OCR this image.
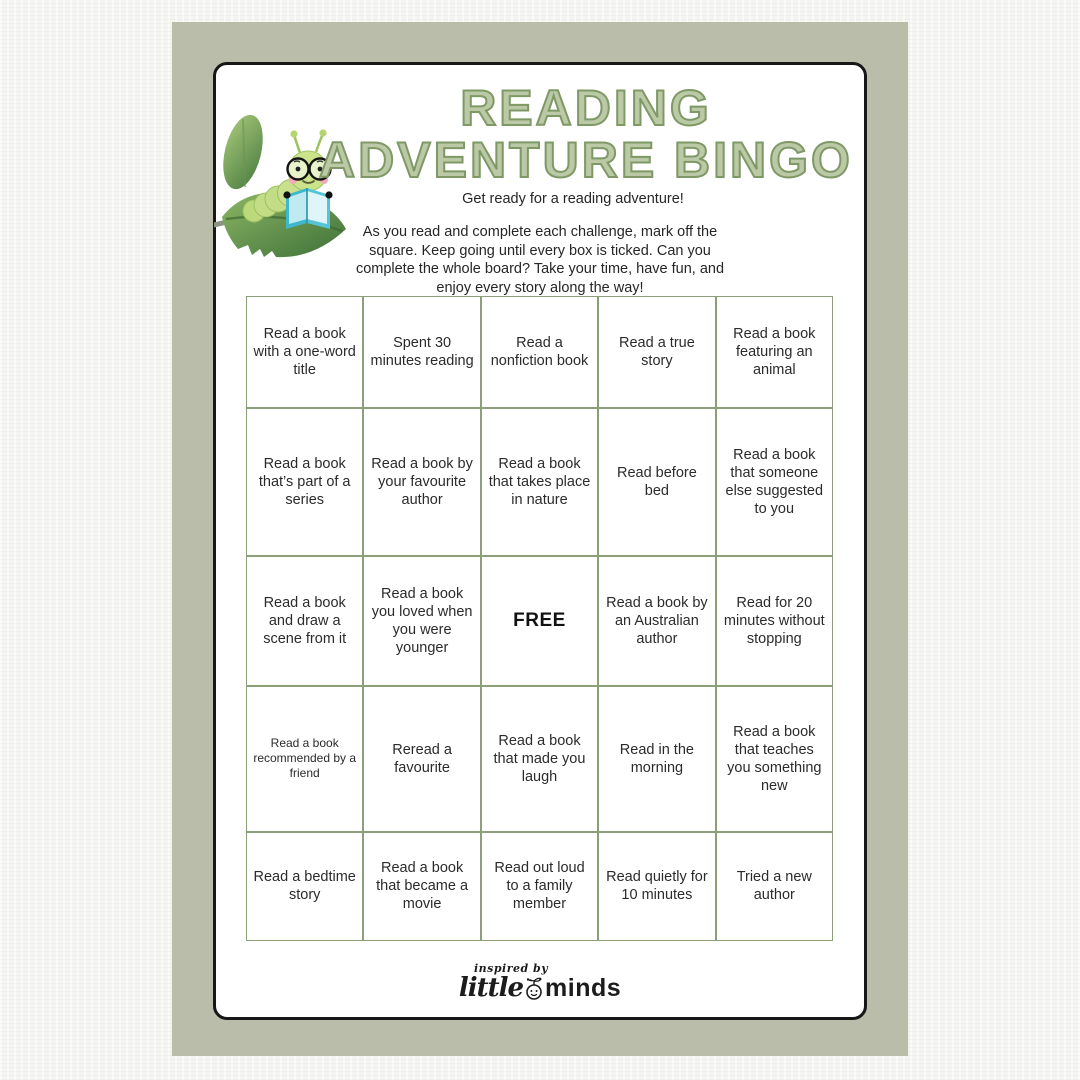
READING
ADVENTURE BINGO
Get ready for a reading adventure!
As you read and complete each challenge, mark off the square. Keep going until every box is ticked. Can you complete the whole board? Take your time, have fun, and enjoy every story along the way!
Read a book with a one-word title
Spent 30 minutes reading
Read a nonfiction book
Read a true story
Read a book featuring an animal
Read a book that’s part of a series
Read a book by your favourite author
Read a book that takes place in nature
Read before bed
Read a book that someone else suggested to you
Read a book and draw a scene from it
Read a book you loved when you were younger
FREE
Read a book by an Australian author
Read for 20 minutes without stopping
Read a book recommended by a friend
Reread a favourite
Read a book that made you laugh
Read in the morning
Read a book that teaches you something new
Read a bedtime story
Read a book that became a movie
Read out loud to a family member
Read quietly for 10 minutes
Tried a new author
inspired by
little minds
